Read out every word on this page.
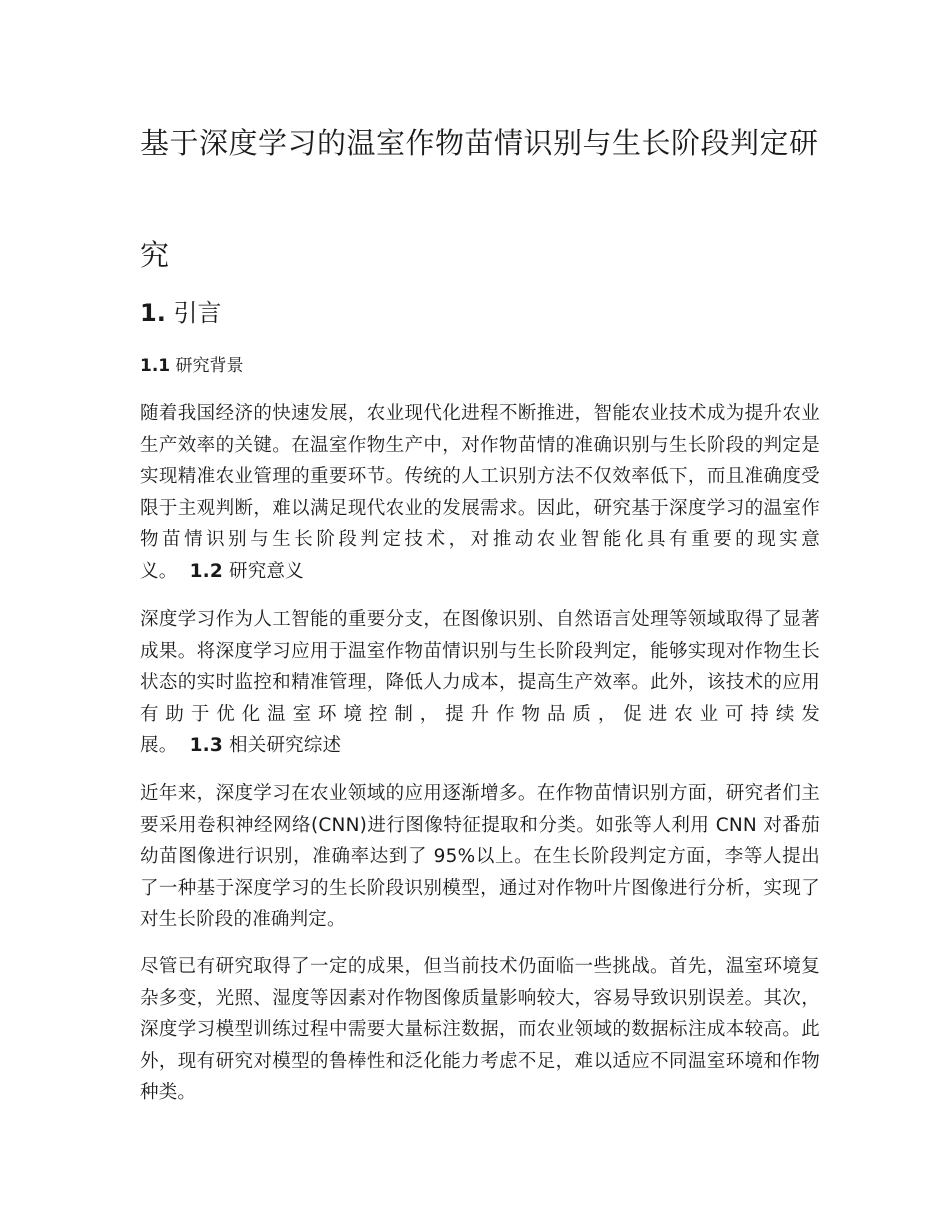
基于深度学习的温室作物苗情识别与生长阶段判定研
究
1. 引言
1.1 研究背景

随着我国经济的快速发展，农业现代化进程不断推进，智能农业技术成为提升农业生产效率的关键。在温室作物生产中，对作物苗情的准确识别与生长阶段的判定是实现精准农业管理的重要环节。传统的人工识别方法不仅效率低下，而且准确度受限于主观判断，难以满足现代农业的发展需求。因此，研究基于深度学习的温室作物苗情识别与生长阶段判定技术，对推动农业智能化具有重要的现实意义。 1.2 研究意义

深度学习作为人工智能的重要分支，在图像识别、自然语言处理等领域取得了显著成果。将深度学习应用于温室作物苗情识别与生长阶段判定，能够实现对作物生长状态的实时监控和精准管理，降低人力成本，提高生产效率。此外，该技术的应用有助于优化温室环境控制，提升作物品质，促进农业可持续发展。 1.3 相关研究综述

近年来，深度学习在农业领域的应用逐渐增多。在作物苗情识别方面，研究者们主要采用卷积神经网络(CNN)进行图像特征提取和分类。如张等人利用 CNN 对番茄幼苗图像进行识别，准确率达到了 95%以上。在生长阶段判定方面，李等人提出了一种基于深度学习的生长阶段识别模型，通过对作物叶片图像进行分析，实现了对生长阶段的准确判定。

尽管已有研究取得了一定的成果，但当前技术仍面临一些挑战。首先，温室环境复杂多变，光照、湿度等因素对作物图像质量影响较大，容易导致识别误差。其次，深度学习模型训练过程中需要大量标注数据，而农业领域的数据标注成本较高。此外，现有研究对模型的鲁棒性和泛化能力考虑不足，难以适应不同温室环境和作物种类。
